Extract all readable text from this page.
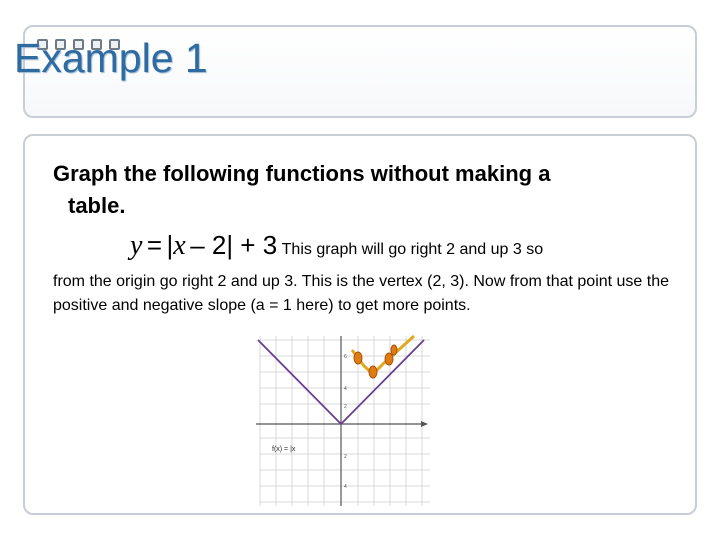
Example 1
Graph the following functions without making a
table.
y = |x – 2| + 3 This graph will go right 2 and up 3 so
from the origin go right 2 and up 3. This is the vertex (2, 3). Now from that point use the positive and negative slope (a = 1 here) to get more points.
6
4
2
2
4
f(x) = |x
